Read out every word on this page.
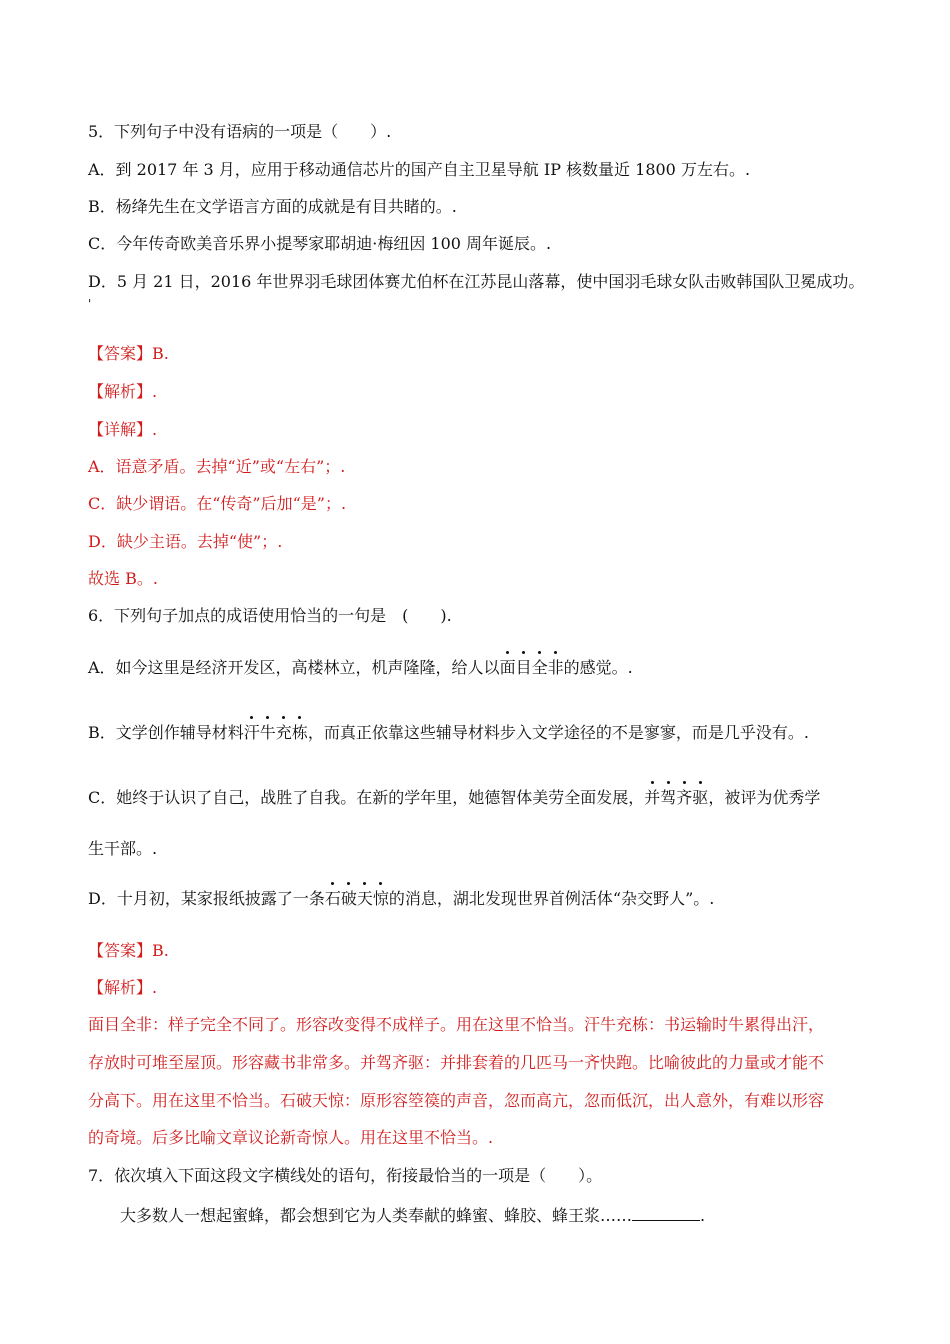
5．下列句子中没有语病的一项是（　　）.
A．到 2017 年 3 月，应用于移动通信芯片的国产自主卫星导航 IP 核数量近 1800 万左右。.
B．杨绛先生在文学语言方面的成就是有目共睹的。.
C．今年传奇欧美音乐界小提琴家耶胡迪·梅纽因 100 周年诞辰。.
D．5 月 21 日，2016 年世界羽毛球团体赛尤伯杯在江苏昆山落幕，使中国羽毛球女队击败韩国队卫冕成功。
'
【答案】B.
【解析】.
【详解】.
A．语意矛盾。去掉“近”或“左右”；.
C．缺少谓语。在“传奇”后加“是”；.
D．缺少主语。去掉“使”；.
故选 B。.
6．下列句子加点的成语使用恰当的一句是　(　　).
A．如今这里是经济开发区，高楼林立，机声隆隆，给人以面目全非的感觉。.
B．文学创作辅导材料汗牛充栋，而真正依靠这些辅导材料步入文学途径的不是寥寥，而是几乎没有。.
C．她终于认识了自己，战胜了自我。在新的学年里，她德智体美劳全面发展，并驾齐驱，被评为优秀学
生干部。.
D．十月初，某家报纸披露了一条石破天惊的消息，湖北发现世界首例活体“杂交野人”。.
【答案】B.
【解析】.
面目全非：样子完全不同了。形容改变得不成样子。用在这里不恰当。汗牛充栋：书运输时牛累得出汗，
存放时可堆至屋顶。形容藏书非常多。并驾齐驱：并排套着的几匹马一齐快跑。比喻彼此的力量或才能不
分高下。用在这里不恰当。石破天惊：原形容箜篌的声音，忽而高亢，忽而低沉，出人意外，有难以形容
的奇境。后多比喻文章议论新奇惊人。用在这里不恰当。.
7．依次填入下面这段文字横线处的语句，衔接最恰当的一项是（　　）。
大多数人一想起蜜蜂，都会想到它为人类奉献的蜂蜜、蜂胶、蜂王浆……	.
